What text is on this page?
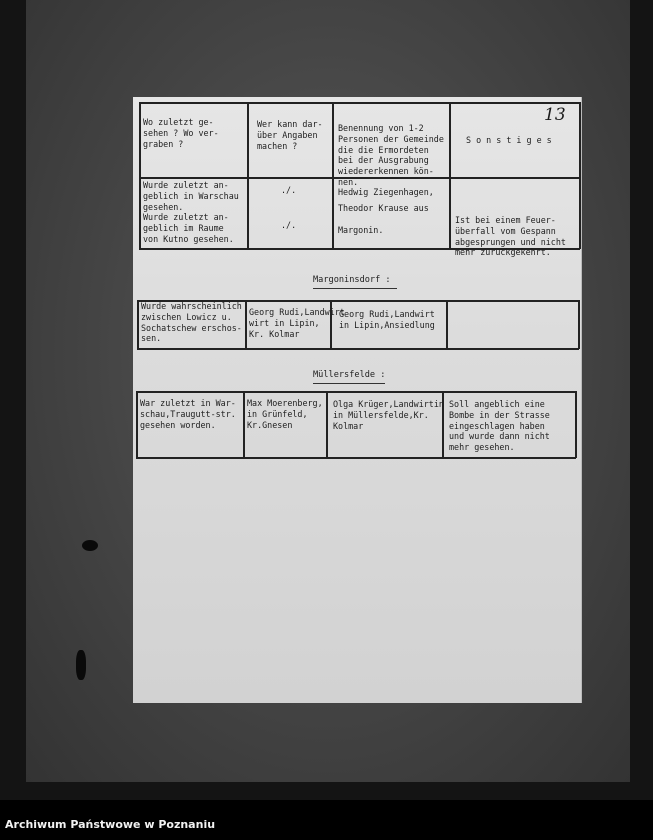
13
Wo zuletzt ge-
sehen ? Wo ver-
graben ?
Wer kann dar-
über Angaben
machen ?
Benennung von 1-2
Personen der Gemeinde
die die Ermordeten
bei der Ausgrabung
wiedererkennen kön-
nen.
S o n s t i g e s
Wurde zuletzt an-
geblich in Warschau
gesehen.
./.	Hedwig Ziegenhagen,
Wurde zuletzt an-
geblich im Raume
von Kutno gesehen.
./.
Theodor Krause aus

Margonin.
Ist bei einem Feuer-
überfall vom Gespann
abgesprungen und nicht
mehr zurückgekehrt.
Margoninsdorf :
Wurde wahrscheinlich
zwischen Lowicz u.
Sochatschew erschos-
sen.
Georg Rudi,Landwirt
wirt in Lipin,
Kr. Kolmar
Georg Rudi,Landwirt
in Lipin,Ansiedlung
Müllersfelde :
War zuletzt in War-
schau,Traugutt-str.
gesehen worden.
Max Moerenberg,
in Grünfeld,
Kr.Gnesen
Olga Krüger,Landwirtin
in Müllersfelde,Kr.
Kolmar
Soll angeblich eine
Bombe in der Strasse
eingeschlagen haben
und wurde dann nicht
mehr gesehen.
Archiwum Państwowe w Poznaniu
